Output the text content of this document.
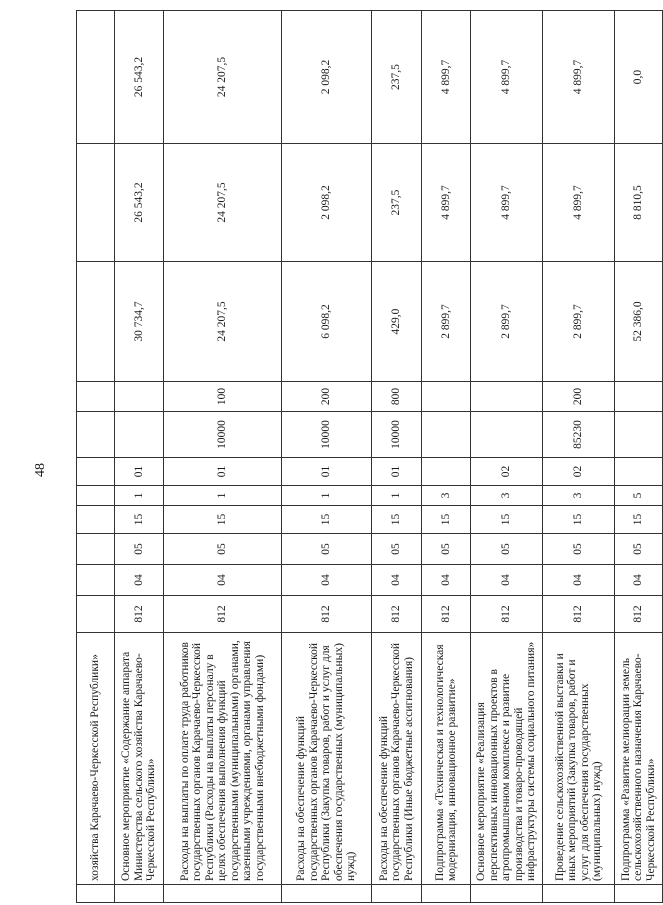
48
	хозяйства Карачаево-Черкесской Республики»											
	Основное мероприятие «Содержание аппарата Министерства сельского хозяйства Карачаево-Черкесской Республики»	812	04	05	15	1	01			30 734,7	26 543,2	26 543,2
	Расходы на выплаты по оплате труда работников государственных органов Карачаево-Черкесской Республики (Расходы на выплаты персоналу в целях обеспечения выполнения функций государственными (муниципальными) органами, казенными учреждениями, органами управления государственными внебюджетными фондами)	812	04	05	15	1	01	10000	100	24 207,5	24 207,5	24 207,5
	Расходы на обеспечение функций государственных органов Карачаево-Черкесской Республики (Закупка товаров, работ и услуг для обеспечения государственных (муниципальных) нужд)	812	04	05	15	1	01	10000	200	6 098,2	2 098,2	2 098,2
	Расходы на обеспечение функций государственных органов Карачаево-Черкесской Республики (Иные бюджетные ассигнования)	812	04	05	15	1	01	10000	800	429,0	237,5	237,5
	Подпрограмма «Техническая и технологическая модернизация, инновационное развитие»	812	04	05	15	3				2 899,7	4 899,7	4 899,7
	Основное мероприятие «Реализация перспективных инновационных проектов в агропромышленном комплексе и развитие производства и товаро-проводящей инфраструктуры системы социального питания»	812	04	05	15	3	02			2 899,7	4 899,7	4 899,7
	Проведение сельскохозяйственной выставки и иных мероприятий (Закупка товаров, работ и услуг для обеспечения государственных (муниципальных) нужд)	812	04	05	15	3	02	85230	200	2 899,7	4 899,7	4 899,7
	Подпрограмма «Развитие мелиорации земель сельскохозяйственного назначения Карачаево-Черкесской Республики»	812	04	05	15	5				52 386,0	8 810,5	0,0
